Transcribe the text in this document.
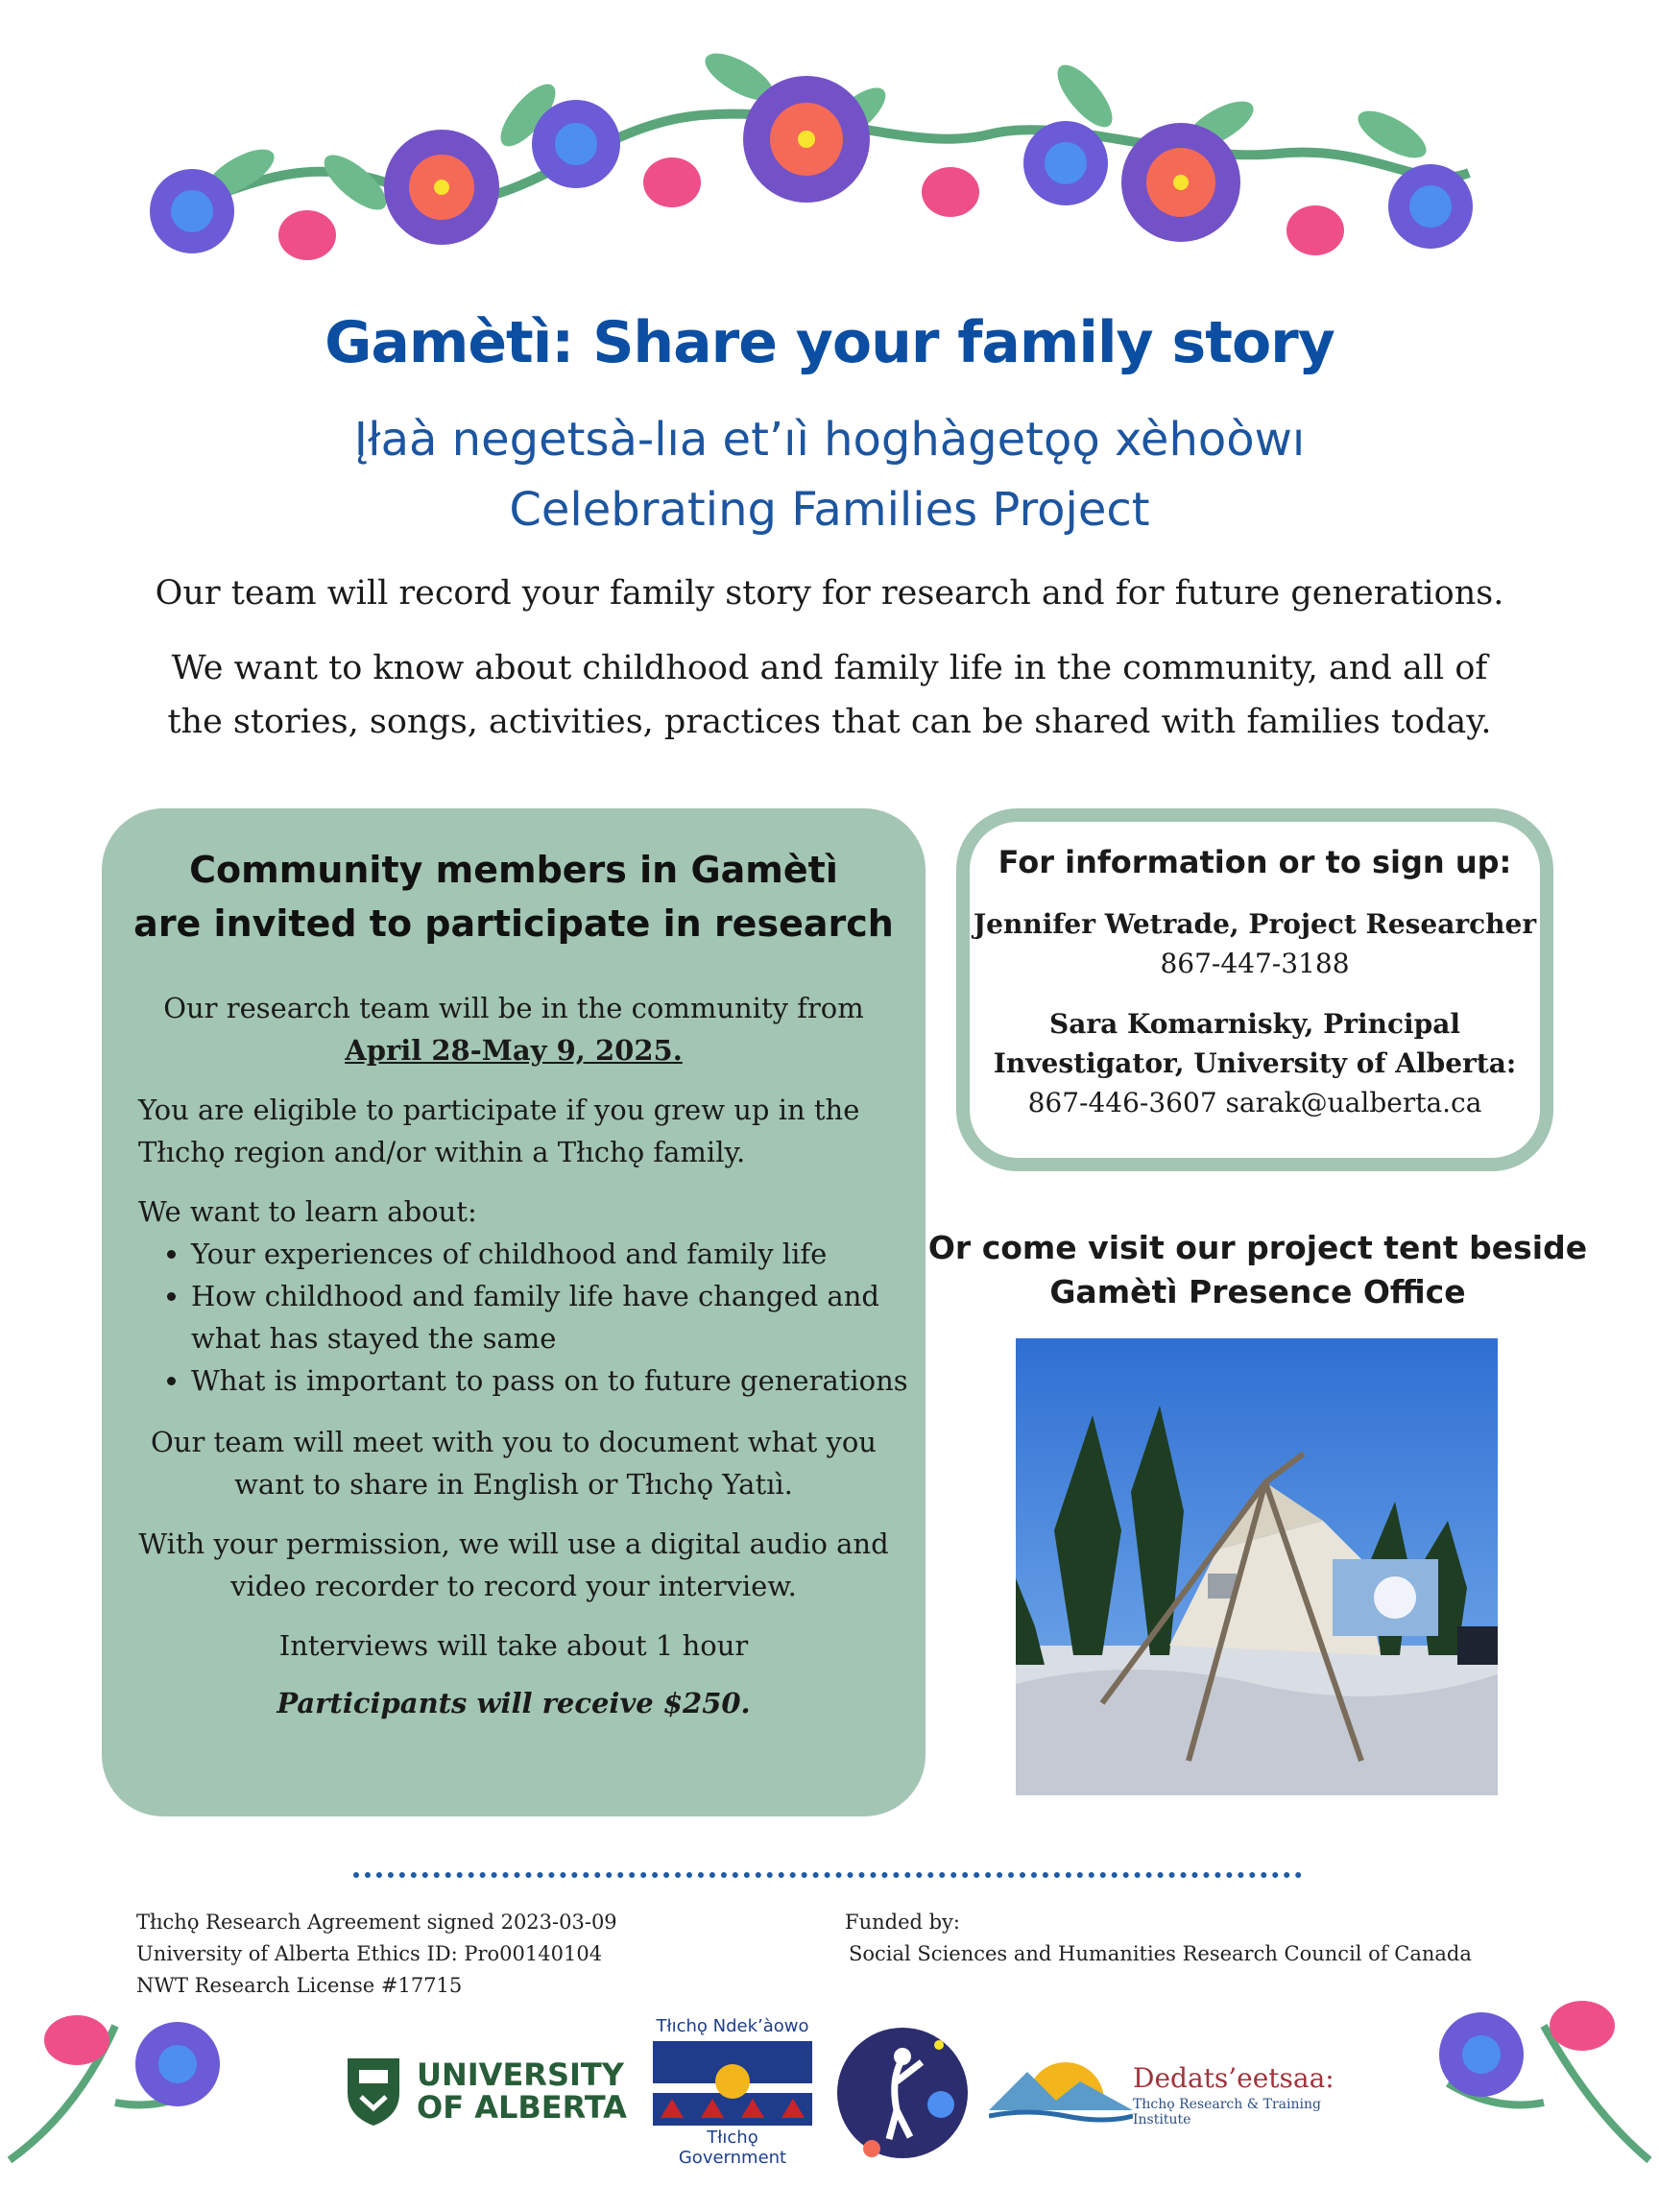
Gamètì: Share your family story
Įłaà negetsà-lıa et’ıì hoghàgetǫǫ xèhoòwı
Celebrating Families Project
Our team will record your family story for research and for future generations.
We want to know about childhood and family life in the community, and all of
the stories, songs, activities, practices that can be shared with families today.
Community members in Gamètì
are invited to participate in research
Our research team will be in the community from
April 28-May 9, 2025.
You are eligible to participate if you grew up in the
Tłıchǫ region and/or within a Tłıchǫ family.
We want to learn about:
• Your experiences of childhood and family life
• How childhood and family life have changed and what has stayed the same
• What is important to pass on to future generations
Our team will meet with you to document what you
want to share in English or Tłıchǫ Yatıì.
With your permission, we will use a digital audio and
video recorder to record your interview.
Interviews will take about 1 hour
Participants will receive $250.
For information or to sign up:
Jennifer Wetrade, Project Researcher
867-447-3188
Sara Komarnisky, Principal
Investigator, University of Alberta:
867-446-3607 sarak@ualberta.ca
Or come visit our project tent beside
Gamètì Presence Office
Tłıchǫ Research Agreement signed 2023-03-09
University of Alberta Ethics ID: Pro00140104
NWT Research License #17715
Funded by:
Social Sciences and Humanities Research Council of Canada
UNIVERSITY
OF ALBERTA
Tłıchǫ Ndek’àowo
Tłıchǫ Government
Dedats’eetsaa:
Tłıchǫ Research & Training Institute
